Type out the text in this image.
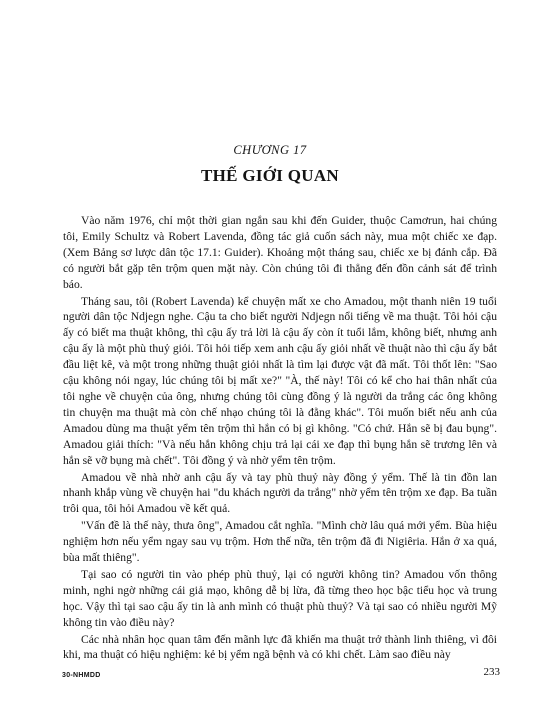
CHƯƠNG 17
THẾ GIỚI QUAN

Vào năm 1976, chỉ một thời gian ngắn sau khi đến Guider, thuộc Camơrun, hai chúng tôi, Emily Schultz và Robert Lavenda, đồng tác giả cuốn sách này, mua một chiếc xe đạp. (Xem Bảng sơ lược dân tộc 17.1: Guider). Khoảng một tháng sau, chiếc xe bị đánh cắp. Đã có người bắt gặp tên trộm quen mặt này. Còn chúng tôi đi thẳng đến đồn cảnh sát để trình báo.

Tháng sau, tôi (Robert Lavenda) kể chuyện mất xe cho Amadou, một thanh niên 19 tuổi người dân tộc Ndjegn nghe. Cậu ta cho biết người Ndjegn nổi tiếng về ma thuật. Tôi hỏi cậu ấy có biết ma thuật không, thì cậu ấy trả lời là cậu ấy còn ít tuổi lắm, không biết, nhưng anh cậu ấy là một phù thuỷ giỏi. Tôi hỏi tiếp xem anh cậu ấy giỏi nhất về thuật nào thì cậu ấy bắt đầu liệt kê, và một trong những thuật giỏi nhất là tìm lại được vật đã mất. Tôi thốt lên: "Sao cậu không nói ngay, lúc chúng tôi bị mất xe?" "À, thế này! Tôi có kể cho hai thân nhất của tôi nghe về chuyện của ông, nhưng chúng tôi cùng đồng ý là người da trắng các ông không tin chuyện ma thuật mà còn chế nhạo chúng tôi là đằng khác". Tôi muốn biết nếu anh của Amadou dùng ma thuật yểm tên trộm thì hắn có bị gì không. "Có chứ. Hắn sẽ bị đau bụng". Amadou giải thích: "Và nếu hắn không chịu trả lại cái xe đạp thì bụng hắn sẽ trương lên và hắn sẽ vỡ bụng mà chết". Tôi đồng ý và nhờ yểm tên trộm.

Amadou về nhà nhờ anh cậu ấy và tay phù thuỷ này đồng ý yểm. Thế là tin đồn lan nhanh khắp vùng về chuyện hai "du khách người da trắng" nhờ yểm tên trộm xe đạp. Ba tuần trôi qua, tôi hỏi Amadou về kết quả.

"Vấn đề là thế này, thưa ông", Amadou cắt nghĩa. "Mình chờ lâu quá mới yểm. Bùa hiệu nghiệm hơn nếu yểm ngay sau vụ trộm. Hơn thế nữa, tên trộm đã đi Nigiêria. Hắn ở xa quá, bùa mất thiêng".

Tại sao có người tin vào phép phù thuỷ, lại có người không tin? Amadou vốn thông minh, nghi ngờ những cái giả mạo, không dễ bị lừa, đã từng theo học bậc tiểu học và trung học. Vậy thì tại sao cậu ấy tin là anh mình có thuật phù thuỷ? Và tại sao có nhiều người Mỹ không tin vào điều này?

Các nhà nhân học quan tâm đến mãnh lực đã khiến ma thuật trở thành linh thiêng, vì đôi khi, ma thuật có hiệu nghiệm: kẻ bị yểm ngã bệnh và có khi chết. Làm sao điều này

30-NHMDD	233
